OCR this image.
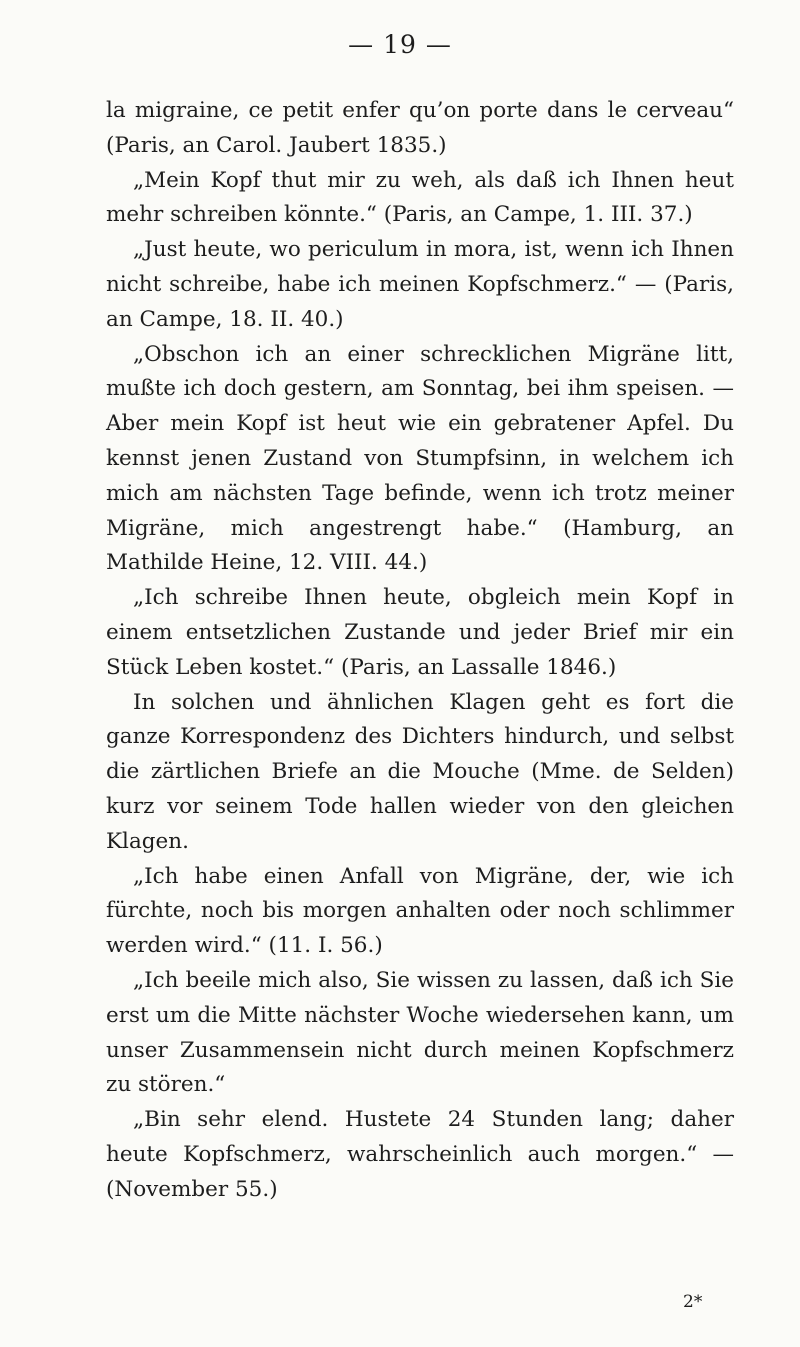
— 19 —

la migraine, ce petit enfer qu’on porte dans le cerveau“ (Paris, an Carol. Jaubert 1835.)

„Mein Kopf thut mir zu weh, als daß ich Ihnen heut mehr schreiben könnte.“ (Paris, an Campe, 1. III. 37.)

„Just heute, wo periculum in mora, ist, wenn ich Ihnen nicht schreibe, habe ich meinen Kopfschmerz.“ — (Paris, an Campe, 18. II. 40.)

„Obschon ich an einer schrecklichen Migräne litt, mußte ich doch gestern, am Sonntag, bei ihm speisen. — Aber mein Kopf ist heut wie ein gebratener Apfel. Du kennst jenen Zustand von Stumpfsinn, in welchem ich mich am nächsten Tage befinde, wenn ich trotz meiner Migräne, mich angestrengt habe.“ (Hamburg, an Mathilde Heine, 12. VIII. 44.)

„Ich schreibe Ihnen heute, obgleich mein Kopf in einem entsetzlichen Zustande und jeder Brief mir ein Stück Leben kostet.“ (Paris, an Lassalle 1846.)

In solchen und ähnlichen Klagen geht es fort die ganze Korrespondenz des Dichters hindurch, und selbst die zärtlichen Briefe an die Mouche (Mme. de Selden) kurz vor seinem Tode hallen wieder von den gleichen Klagen.

„Ich habe einen Anfall von Migräne, der, wie ich fürchte, noch bis morgen anhalten oder noch schlimmer werden wird.“ (11. I. 56.)

„Ich beeile mich also, Sie wissen zu lassen, daß ich Sie erst um die Mitte nächster Woche wiedersehen kann, um unser Zusammensein nicht durch meinen Kopfschmerz zu stören.“

„Bin sehr elend. Hustete 24 Stunden lang; daher heute Kopfschmerz, wahrscheinlich auch morgen.“ — (November 55.)

2*
